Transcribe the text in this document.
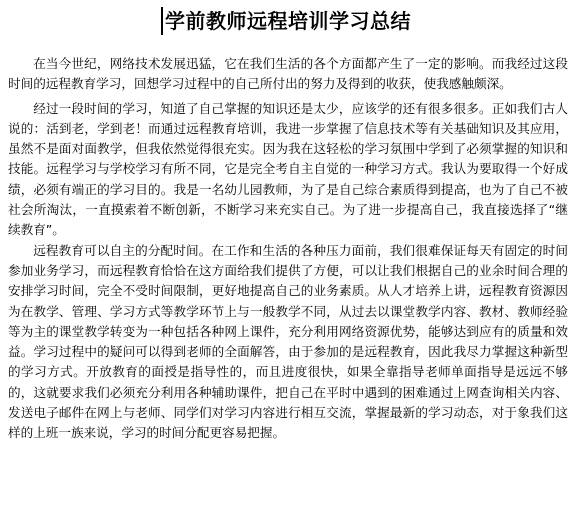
学前教师远程培训学习总结

在当今世纪，网络技术发展迅猛，它在我们生活的各个方面都产生了一定的影响。而我经过这段时间的远程教育学习，回想学习过程中的自己所付出的努力及得到的收获，使我感触颇深。

经过一段时间的学习，知道了自己掌握的知识还是太少，应该学的还有很多很多。正如我们古人说的：活到老，学到老！而通过远程教育培训，我进一步掌握了信息技术等有关基础知识及其应用，虽然不是面对面教学，但我依然觉得很充实。因为我在这轻松的学习氛围中学到了必须掌握的知识和技能。远程学习与学校学习有所不同，它是完全考自主自觉的一种学习方式。我认为要取得一个好成绩，必须有端正的学习目的。我是一名幼儿园教师，为了是自己综合素质得到提高，也为了自己不被社会所淘汰，一直摸索着不断创新，不断学习来充实自己。为了进一步提高自己，我直接选择了“继续教育”。

远程教育可以自主的分配时间。在工作和生活的各种压力面前，我们很难保证每天有固定的时间参加业务学习，而远程教育恰恰在这方面给我们提供了方便，可以让我们根据自己的业余时间合理的安排学习时间，完全不受时间限制，更好地提高自己的业务素质。从人才培养上讲，远程教育资源因为在教学、管理、学习方式等教学环节上与一般教学不同，从过去以课堂教学内容、教材、教师经验等为主的课堂教学转变为一种包括各种网上课件，充分利用网络资源优势，能够达到应有的质量和效益。学习过程中的疑问可以得到老师的全面解答，由于参加的是远程教育，因此我尽力掌握这种新型的学习方式。开放教育的面授是指导性的，而且进度很快，如果全靠指导老师单面指导是远远不够的，这就要求我们必须充分利用各种辅助课件，把自己在平时中遇到的困难通过上网查询相关内容、发送电子邮件在网上与老师、同学们对学习内容进行相互交流，掌握最新的学习动态，对于象我们这样的上班一族来说，学习的时间分配更容易把握。
